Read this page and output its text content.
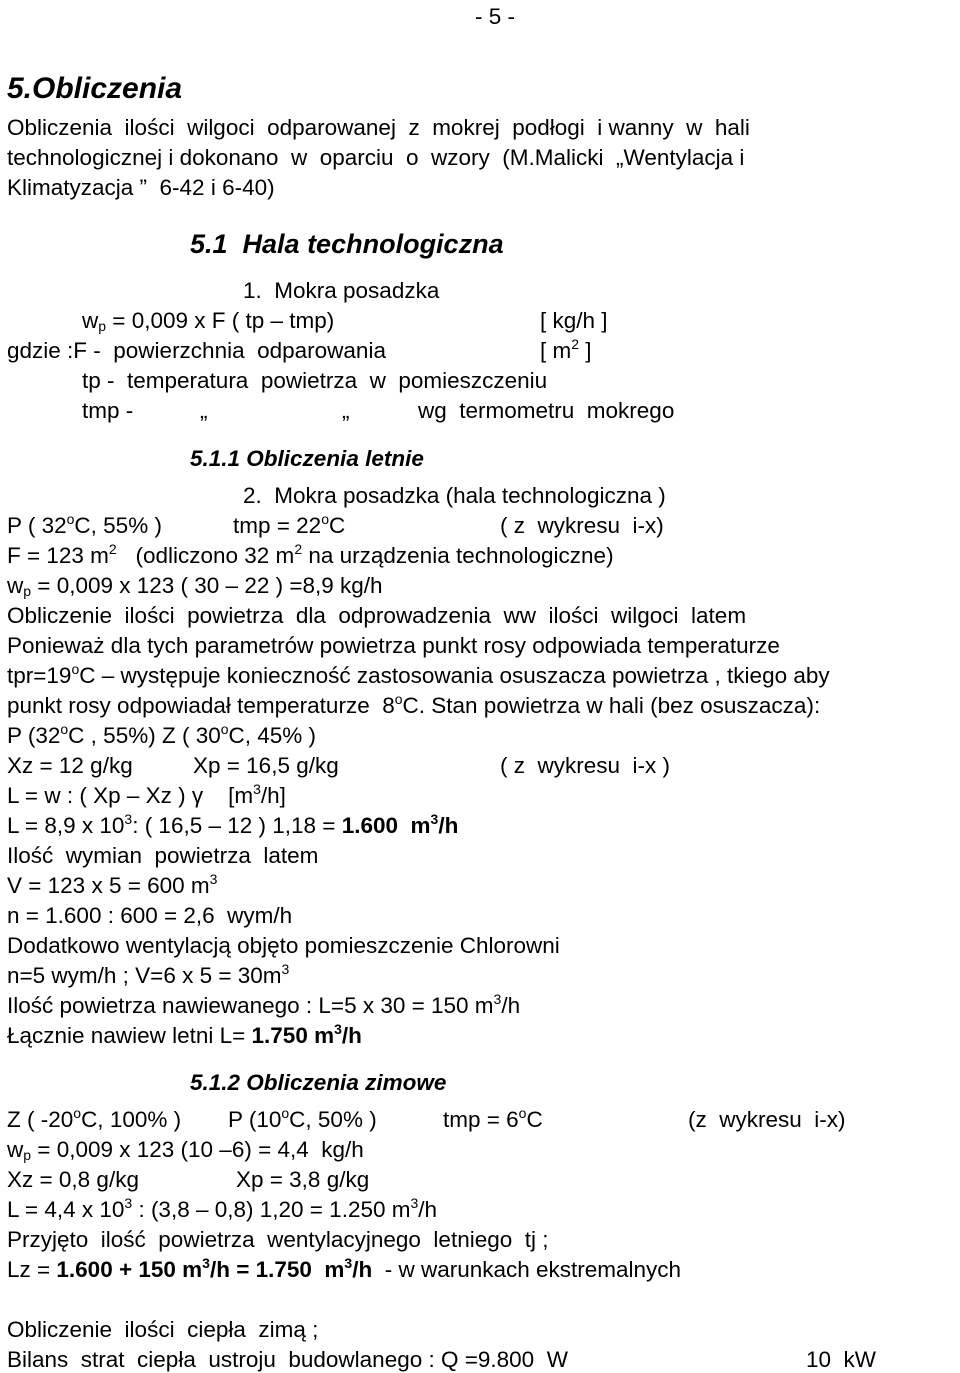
- 5 -
5.Obliczenia
Obliczenia  ilości  wilgoci  odparowanej  z  mokrej  podłogi  i wanny  w  hali
technologicznej i dokonano  w  oparciu  o  wzory  (M.Malicki  „Wentylacja i
Klimatyzacja ”  6-42 i 6-40)
5.1  Hala technologiczna
1.  Mokra posadzka
$w_p = 0,009$ x F ( tp – tmp)	[ kg/h ]
gdzie :F -  powierzchnia  odparowania	[ $m^2$ ]
tp -  temperatura  powietrza  w  pomieszczeniu
tmp -	„	„	wg  termometru  mokrego
5.1.1 Obliczenia letnie
2.  Mokra posadzka (hala technologiczna )
P ( 32$^o$C, 55% )	tmp = $22^oC$	( z  wykresu  i-x)
F = 123 $m^2$   (odliczono 32 $m^2$ na urządzenia technologiczne)
$w_p = 0,009$ x 123 ( 30 – 22 ) =8,9 kg/h
Obliczenie  ilości  powietrza  dla  odprowadzenia  ww  ilości  wilgoci  latem
Ponieważ dla tych parametrów powietrza punkt rosy odpowiada temperaturze
$tpr=19^oC$ – występuje konieczność zastosowania osuszacza powietrza , tkiego aby
punkt rosy odpowiadał temperaturze  8$^o$C. Stan powietrza w hali (bez osuszacza):
P (32$^o$C , 55%) Z ( 30$^o$C, 45% )
Xz = 12 g/kg	Xp = 16,5 g/kg	( z  wykresu  i-x )
L = w : ( Xp – Xz ) γ    $[m^3/h]$
L = 8,9 x $10^3$: ( 16,5 – 12 ) 1,18 = 1.600  $m^3/h$
Ilość  wymian  powietrza  latem
V = 123 x 5 = 600 $m^3$
n = 1.600 : 600 = 2,6  wym/h
Dodatkowo wentylacją objęto pomieszczenie Chlorowni
n=5 wym/h ; V=6 x $5 = 30m^3$
Ilość powietrza nawiewanego : L=5 x 30 = 150 $m^3/h$
Łącznie nawiew letni L= 1.750 $m^3/h$
5.1.2 Obliczenia zimowe
Z ( -20$^o$C, 100% ) P (10$^o$C, 50% )	tmp = $6^oC$	(z  wykresu  i-x)
$w_p = 0,009$ x 123 (10 –6) = 4,4  kg/h
Xz = 0,8 g/kg	Xp = 3,8 g/kg
L = 4,4 x $10^3$ : (3,8 – 0,8) 1,20 = 1.250 $m^3/h$
Przyjęto  ilość  powietrza  wentylacyjnego  letniego  tj ;
Lz = 1.600 + 150 $m^3/h = 1.750$  $m^3/h$  - w warunkach ekstremalnych
Obliczenie  ilości  ciepła  zimą ;
Bilans  strat  ciepła  ustroju  budowlanego : Q =9.800  W	10  kW
